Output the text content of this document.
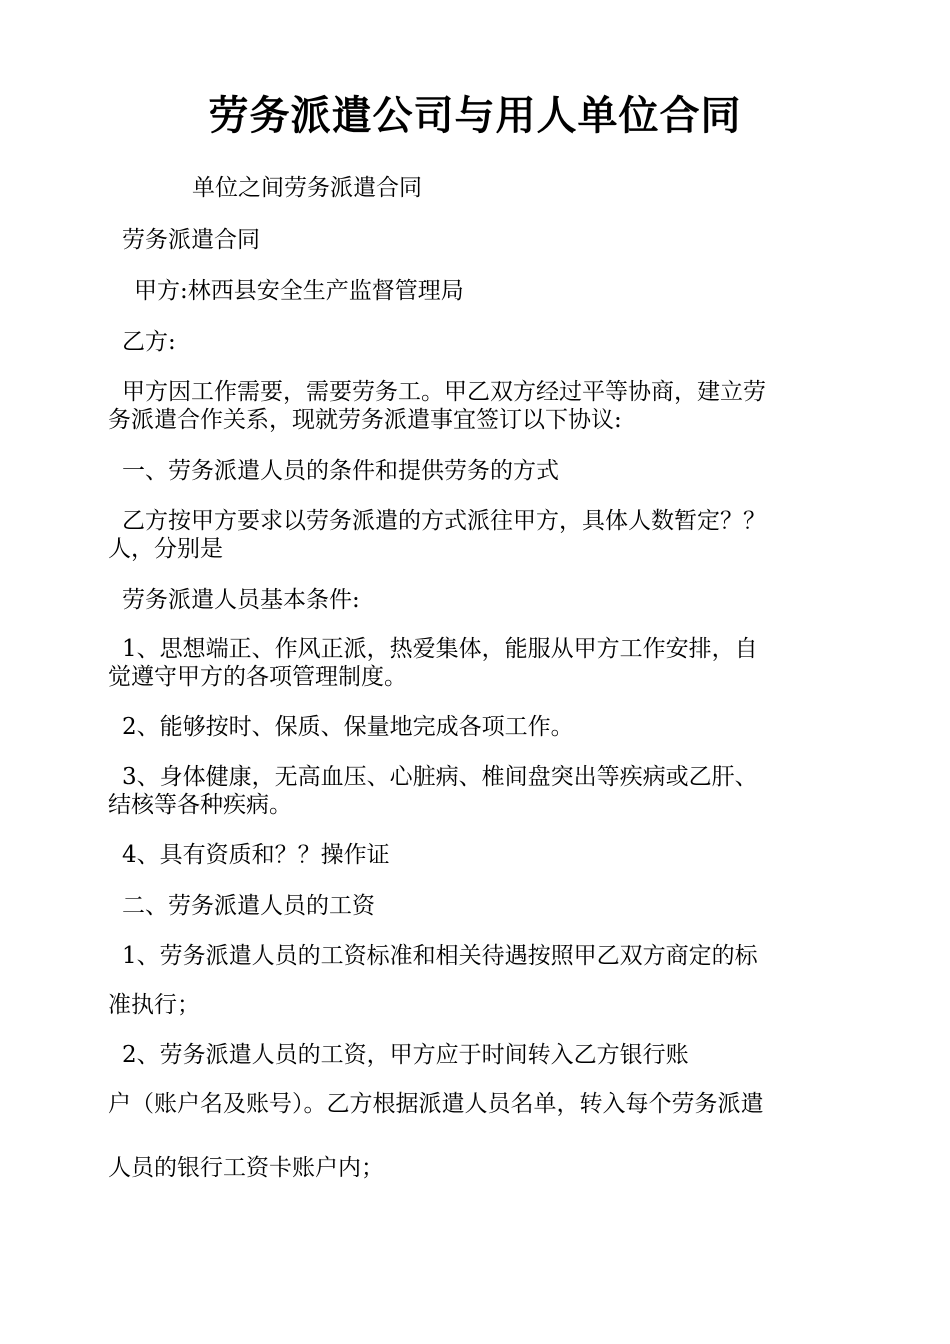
劳务派遣公司与用人单位合同

单位之间劳务派遣合同

劳务派遣合同

甲方:林西县安全生产监督管理局

乙方:

甲方因工作需要，需要劳务工。甲乙双方经过平等协商，建立劳

务派遣合作关系，现就劳务派遣事宜签订以下协议:

一、劳务派遣人员的条件和提供劳务的方式

乙方按甲方要求以劳务派遣的方式派往甲方，具体人数暂定？？

人，分别是

劳务派遣人员基本条件:

1、思想端正、作风正派，热爱集体，能服从甲方工作安排，自

觉遵守甲方的各项管理制度。

2、能够按时、保质、保量地完成各项工作。

3、身体健康，无高血压、心脏病、椎间盘突出等疾病或乙肝、

结核等各种疾病。

4、具有资质和？？操作证

二、劳务派遣人员的工资

1、劳务派遣人员的工资标准和相关待遇按照甲乙双方商定的标

准执行；

2、劳务派遣人员的工资，甲方应于时间转入乙方银行账

户（账户名及账号）。乙方根据派遣人员名单，转入每个劳务派遣

人员的银行工资卡账户内；
